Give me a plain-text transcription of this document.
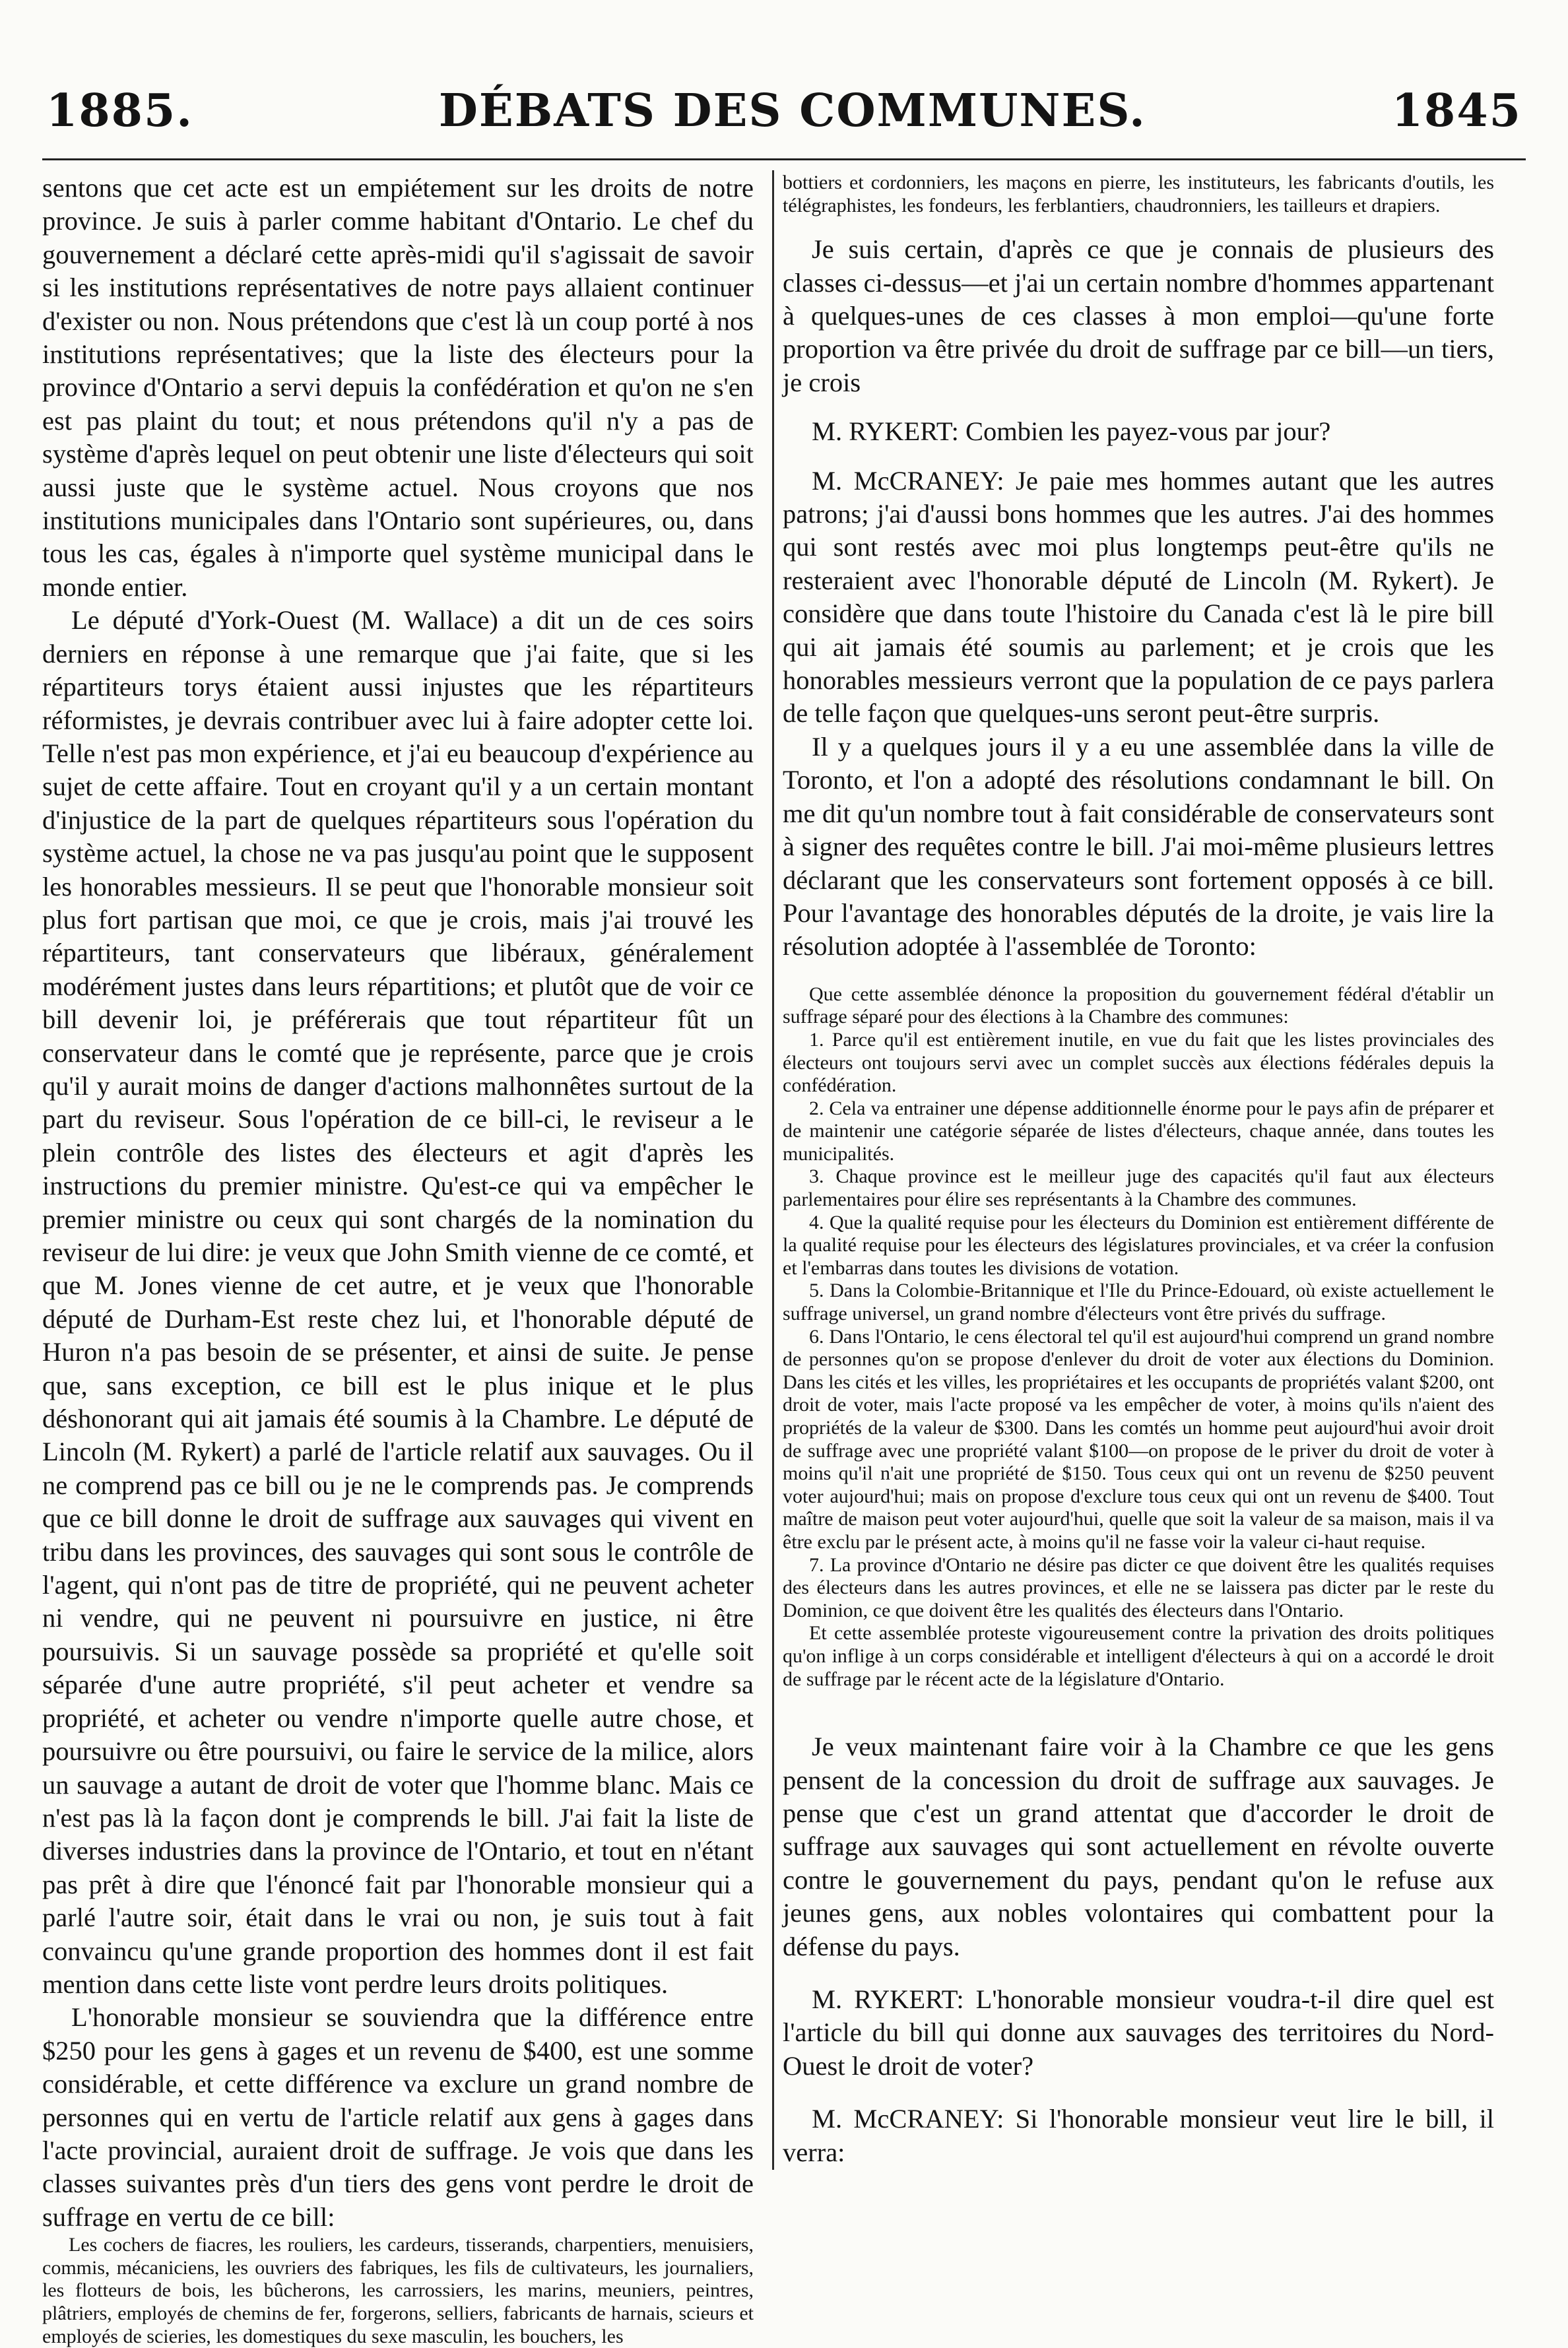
1885.	DÉBATS DES COMMUNES.	1845

sentons que cet acte est un empiétement sur les droits de notre province. Je suis à parler comme habitant d'Ontario. Le chef du gouvernement a déclaré cette après-midi qu'il s'agissait de savoir si les institutions représentatives de notre pays allaient continuer d'exister ou non. Nous prétendons que c'est là un coup porté à nos institutions représentatives; que la liste des électeurs pour la province d'Ontario a servi depuis la confédération et qu'on ne s'en est pas plaint du tout; et nous prétendons qu'il n'y a pas de système d'après lequel on peut obtenir une liste d'électeurs qui soit aussi juste que le système actuel. Nous croyons que nos institutions municipales dans l'Ontario sont supérieures, ou, dans tous les cas, égales à n'importe quel système municipal dans le monde entier.

Le député d'York-Ouest (M. Wallace) a dit un de ces soirs derniers en réponse à une remarque que j'ai faite, que si les répartiteurs torys étaient aussi injustes que les répartiteurs réformistes, je devrais contribuer avec lui à faire adopter cette loi. Telle n'est pas mon expérience, et j'ai eu beaucoup d'expérience au sujet de cette affaire. Tout en croyant qu'il y a un certain montant d'injustice de la part de quelques répartiteurs sous l'opération du système actuel, la chose ne va pas jusqu'au point que le supposent les honorables messieurs. Il se peut que l'honorable monsieur soit plus fort partisan que moi, ce que je crois, mais j'ai trouvé les répartiteurs, tant conservateurs que libéraux, généralement modérément justes dans leurs répartitions; et plutôt que de voir ce bill devenir loi, je préférerais que tout répartiteur fût un conservateur dans le comté que je représente, parce que je crois qu'il y aurait moins de danger d'actions malhonnêtes surtout de la part du reviseur. Sous l'opération de ce bill-ci, le reviseur a le plein contrôle des listes des électeurs et agit d'après les instructions du premier ministre. Qu'est-ce qui va empêcher le premier ministre ou ceux qui sont chargés de la nomination du reviseur de lui dire: je veux que John Smith vienne de ce comté, et que M. Jones vienne de cet autre, et je veux que l'honorable député de Durham-Est reste chez lui, et l'honorable député de Huron n'a pas besoin de se présenter, et ainsi de suite. Je pense que, sans exception, ce bill est le plus inique et le plus déshonorant qui ait jamais été soumis à la Chambre. Le député de Lincoln (M. Rykert) a parlé de l'article relatif aux sauvages. Ou il ne comprend pas ce bill ou je ne le comprends pas. Je comprends que ce bill donne le droit de suffrage aux sauvages qui vivent en tribu dans les provinces, des sauvages qui sont sous le contrôle de l'agent, qui n'ont pas de titre de propriété, qui ne peuvent acheter ni vendre, qui ne peuvent ni poursuivre en justice, ni être poursuivis. Si un sauvage possède sa propriété et qu'elle soit séparée d'une autre propriété, s'il peut acheter et vendre sa propriété, et acheter ou vendre n'importe quelle autre chose, et poursuivre ou être poursuivi, ou faire le service de la milice, alors un sauvage a autant de droit de voter que l'homme blanc. Mais ce n'est pas là la façon dont je comprends le bill. J'ai fait la liste de diverses industries dans la province de l'Ontario, et tout en n'étant pas prêt à dire que l'énoncé fait par l'honorable monsieur qui a parlé l'autre soir, était dans le vrai ou non, je suis tout à fait convaincu qu'une grande proportion des hommes dont il est fait mention dans cette liste vont perdre leurs droits politiques.

L'honorable monsieur se souviendra que la différence entre $250 pour les gens à gages et un revenu de $400, est une somme considérable, et cette différence va exclure un grand nombre de personnes qui en vertu de l'article relatif aux gens à gages dans l'acte provincial, auraient droit de suffrage. Je vois que dans les classes suivantes près d'un tiers des gens vont perdre le droit de suffrage en vertu de ce bill:

Les cochers de fiacres, les rouliers, les cardeurs, tisserands, charpentiers, menuisiers, commis, mécaniciens, les ouvriers des fabriques, les fils de cultivateurs, les journaliers, les flotteurs de bois, les bûcherons, les carrossiers, les marins, meuniers, peintres, plâtriers, employés de chemins de fer, forgerons, selliers, fabricants de harnais, scieurs et employés de scieries, les domestiques du sexe masculin, les bouchers, les

bottiers et cordonniers, les maçons en pierre, les instituteurs, les fabricants d'outils, les télégraphistes, les fondeurs, les ferblantiers, chaudronniers, les tailleurs et drapiers.

Je suis certain, d'après ce que je connais de plusieurs des classes ci-dessus—et j'ai un certain nombre d'hommes appartenant à quelques-unes de ces classes à mon emploi—qu'une forte proportion va être privée du droit de suffrage par ce bill—un tiers, je crois

M. RYKERT: Combien les payez-vous par jour?

M. McCRANEY: Je paie mes hommes autant que les autres patrons; j'ai d'aussi bons hommes que les autres. J'ai des hommes qui sont restés avec moi plus longtemps peut-être qu'ils ne resteraient avec l'honorable député de Lincoln (M. Rykert). Je considère que dans toute l'histoire du Canada c'est là le pire bill qui ait jamais été soumis au parlement; et je crois que les honorables messieurs verront que la population de ce pays parlera de telle façon que quelques-uns seront peut-être surpris.

Il y a quelques jours il y a eu une assemblée dans la ville de Toronto, et l'on a adopté des résolutions condamnant le bill. On me dit qu'un nombre tout à fait considérable de conservateurs sont à signer des requêtes contre le bill. J'ai moi-même plusieurs lettres déclarant que les conservateurs sont fortement opposés à ce bill. Pour l'avantage des honorables députés de la droite, je vais lire la résolution adoptée à l'assemblée de Toronto:

Que cette assemblée dénonce la proposition du gouvernement fédéral d'établir un suffrage séparé pour des élections à la Chambre des communes:

1. Parce qu'il est entièrement inutile, en vue du fait que les listes provinciales des électeurs ont toujours servi avec un complet succès aux élections fédérales depuis la confédération.

2. Cela va entrainer une dépense additionnelle énorme pour le pays afin de préparer et de maintenir une catégorie séparée de listes d'électeurs, chaque année, dans toutes les municipalités.

3. Chaque province est le meilleur juge des capacités qu'il faut aux électeurs parlementaires pour élire ses représentants à la Chambre des communes.

4. Que la qualité requise pour les électeurs du Dominion est entièrement différente de la qualité requise pour les électeurs des législatures provinciales, et va créer la confusion et l'embarras dans toutes les divisions de votation.

5. Dans la Colombie-Britannique et l'Ile du Prince-Edouard, où existe actuellement le suffrage universel, un grand nombre d'électeurs vont être privés du suffrage.

6. Dans l'Ontario, le cens électoral tel qu'il est aujourd'hui comprend un grand nombre de personnes qu'on se propose d'enlever du droit de voter aux élections du Dominion. Dans les cités et les villes, les propriétaires et les occupants de propriétés valant $200, ont droit de voter, mais l'acte proposé va les empêcher de voter, à moins qu'ils n'aient des propriétés de la valeur de $300. Dans les comtés un homme peut aujourd'hui avoir droit de suffrage avec une propriété valant $100—on propose de le priver du droit de voter à moins qu'il n'ait une propriété de $150. Tous ceux qui ont un revenu de $250 peuvent voter aujourd'hui; mais on propose d'exclure tous ceux qui ont un revenu de $400. Tout maître de maison peut voter aujourd'hui, quelle que soit la valeur de sa maison, mais il va être exclu par le présent acte, à moins qu'il ne fasse voir la valeur ci-haut requise.

7. La province d'Ontario ne désire pas dicter ce que doivent être les qualités requises des électeurs dans les autres provinces, et elle ne se laissera pas dicter par le reste du Dominion, ce que doivent être les qualités des électeurs dans l'Ontario.

Et cette assemblée proteste vigoureusement contre la privation des droits politiques qu'on inflige à un corps considérable et intelligent d'électeurs à qui on a accordé le droit de suffrage par le récent acte de la législature d'Ontario.

Je veux maintenant faire voir à la Chambre ce que les gens pensent de la concession du droit de suffrage aux sauvages. Je pense que c'est un grand attentat que d'accorder le droit de suffrage aux sauvages qui sont actuellement en révolte ouverte contre le gouvernement du pays, pendant qu'on le refuse aux jeunes gens, aux nobles volontaires qui combattent pour la défense du pays.

M. RYKERT: L'honorable monsieur voudra-t-il dire quel est l'article du bill qui donne aux sauvages des territoires du Nord-Ouest le droit de voter?

M. McCRANEY: Si l'honorable monsieur veut lire le bill, il verra:
